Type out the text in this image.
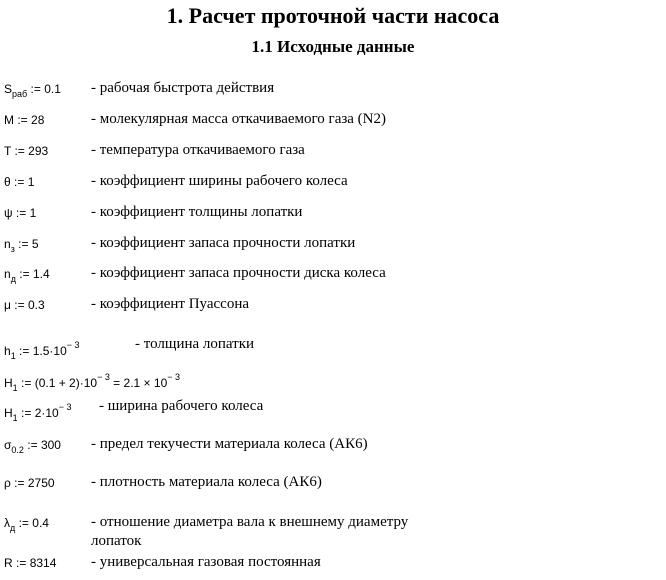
1. Расчет проточной части насоса
1.1 Исходные данные
$S_{раб}$ := 0.1 - рабочая быстрота действия
M := 28	- молекулярная масса откачиваемого газа (N2)
T := 293	- температура откачиваемого газа
θ := 1	- коэффициент ширины рабочего колеса
ψ := 1	- коэффициент толщины лопатки
$n_з$ := 5	- коэффициент запаса прочности лопатки
$n_д$ := 1.4	- коэффициент запаса прочности диска колеса
μ := 0.3	- коэффициент Пуассона
$h_1$ := $1.5\cdot 10^{- 3}$	- толщина лопатки
$H_1$ := $(0.1 + 2)\cdot 10^{- 3} = 2.1 \times 10^{- 3}$
$H_1$ := $2\cdot 10^{- 3}$ - ширина рабочего колеса
$\sigma_{0.2}$ := 300 - предел текучести материала колеса (АК6)
ρ := 2750 - плотность материала колеса (АК6)
$\lambda_д$ := 0.4	- отношение диаметра вала к внешнему диаметру
лопаток
R := 8314 - универсальная газовая постоянная
